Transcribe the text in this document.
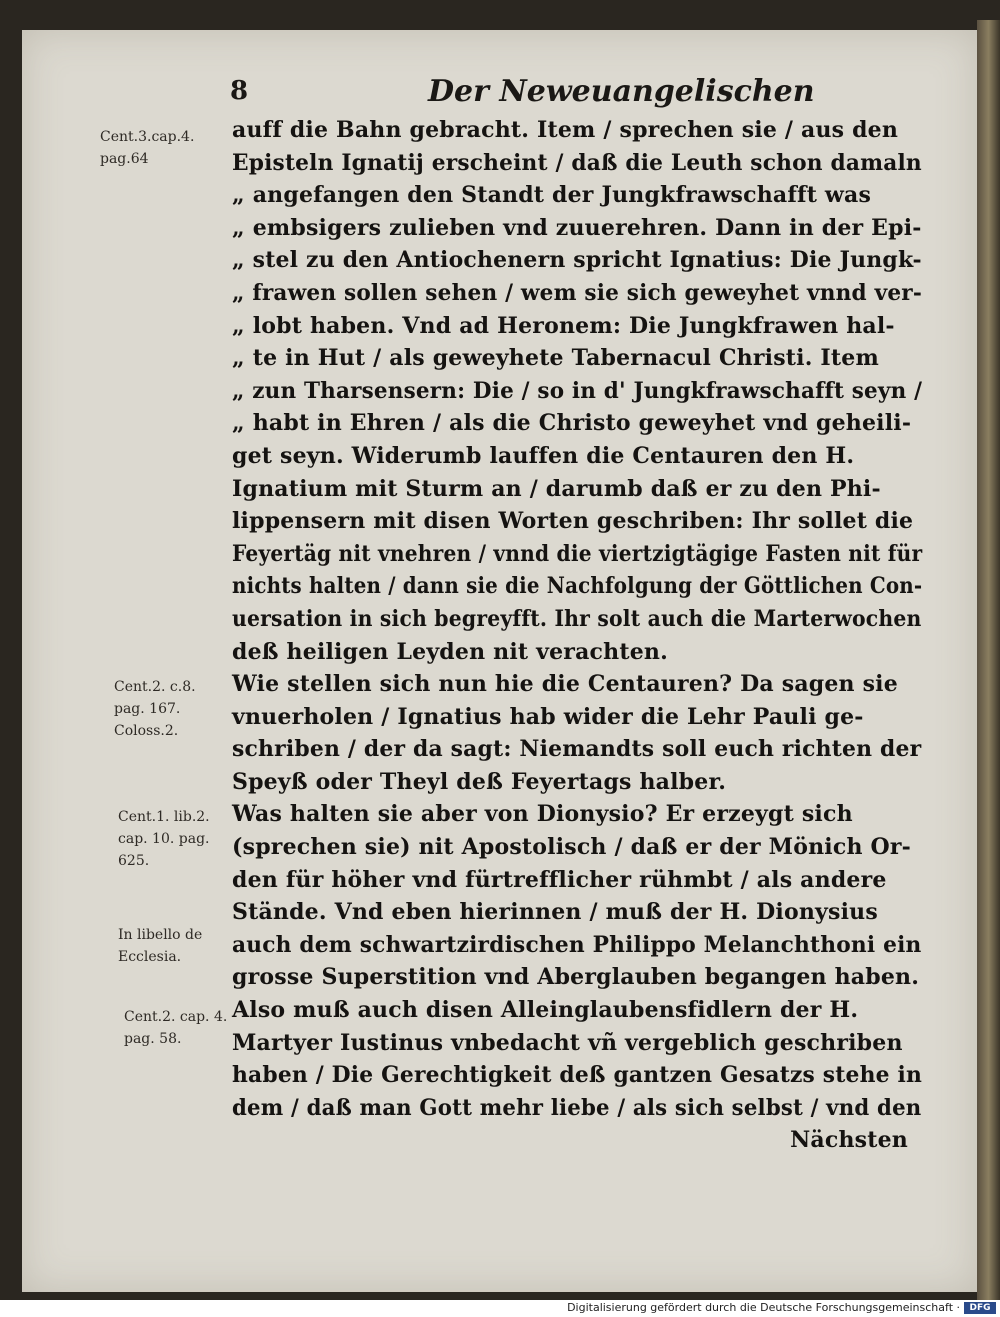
8	Der Neweuangelischen
Cent.3.cap.4. pag.64
Cent.2. c.8. pag. 167. Coloss.2.
Cent.1. lib.2. cap. 10. pag. 625.
In libello de Ecclesia.
Cent.2. cap. 4. pag. 58.
auff die Bahn gebracht. Item / sprechen sie / aus den
Episteln Ignatij erscheint / daß die Leuth schon damaln
„ angefangen den Standt der Jungkfrawschafft was
„ embsigers zulieben vnd zuuerehren. Dann in der Epi-
„ stel zu den Antiochenern spricht Ignatius: Die Jungk-
„ frawen sollen sehen / wem sie sich geweyhet vnnd ver-
„ lobt haben. Vnd ad Heronem: Die Jungkfrawen hal-
„ te in Hut / als geweyhete Tabernacul Christi. Item
„ zun Tharsensern: Die / so in d' Jungkfrawschafft seyn /
„ habt in Ehren / als die Christo geweyhet vnd geheili-
get seyn. Widerumb lauffen die Centauren den H.
Ignatium mit Sturm an / darumb daß er zu den Phi-
lippensern mit disen Worten geschriben: Ihr sollet die
Feyertäg nit vnehren / vnnd die viertzigtägige Fasten nit für
nichts halten / dann sie die Nachfolgung der Göttlichen Con-
uersation in sich begreyfft. Ihr solt auch die Marterwochen
deß heiligen Leyden nit verachten.
Wie stellen sich nun hie die Centauren? Da sagen sie
vnuerholen / Ignatius hab wider die Lehr Pauli ge-
schriben / der da sagt: Niemandts soll euch richten der
Speyß oder Theyl deß Feyertags halber.
Was halten sie aber von Dionysio? Er erzeygt sich
(sprechen sie) nit Apostolisch / daß er der Mönich Or-
den für höher vnd fürtrefflicher rühmbt / als andere
Stände. Vnd eben hierinnen / muß der H. Dionysius
auch dem schwartzirdischen Philippo Melanchthoni ein
grosse Superstition vnd Aberglauben begangen haben.
Also muß auch disen Alleinglaubensfidlern der H.
Martyer Iustinus vnbedacht vñ vergeblich geschriben
haben / Die Gerechtigkeit deß gantzen Gesatzs stehe in
dem / daß man Gott mehr liebe / als sich selbst / vnd den
Nächsten
Digitalisierung gefördert durch die Deutsche Forschungsgemeinschaft ·	DFG
